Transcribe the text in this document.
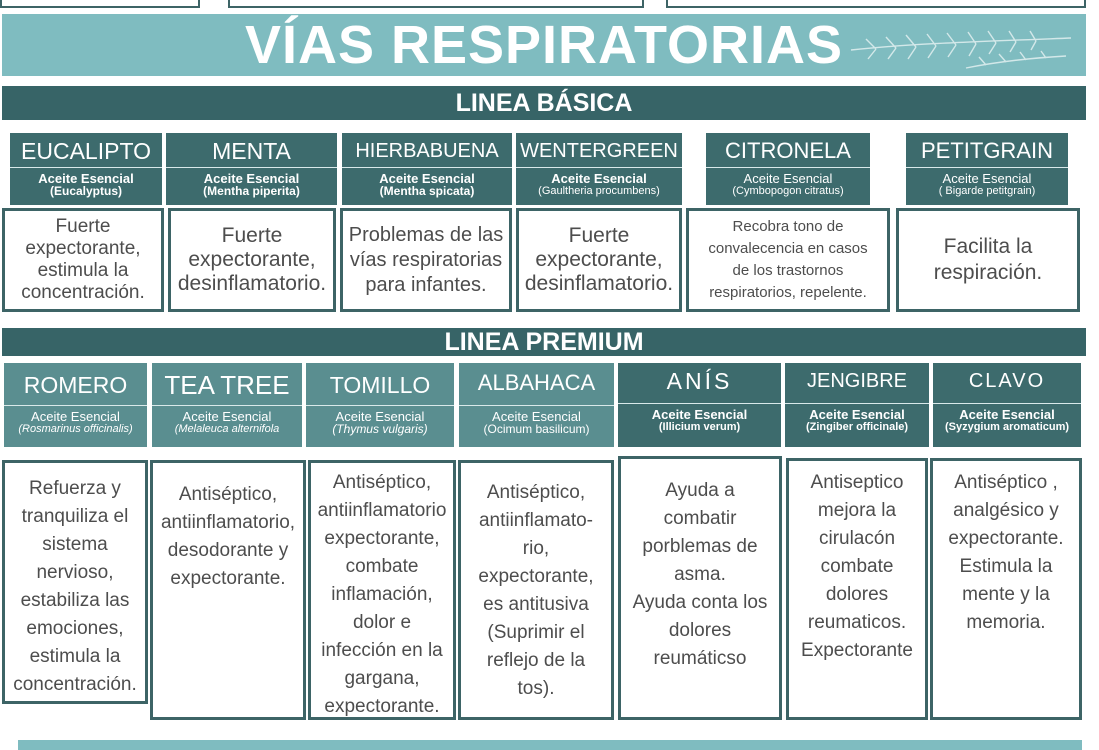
VÍAS RESPIRATORIAS
LINEA BÁSICA
EUCALIPTO
Aceite Esencial
(Eucalyptus)
MENTA
Aceite Esencial
(Mentha piperita)
HIERBABUENA
Aceite Esencial
(Mentha spicata)
WENTERGREEN
Aceite Esencial
(Gaultheria procumbens)
CITRONELA
Aceite Esencial
(Cymbopogon citratus)
PETITGRAIN
Aceite Esencial
( Bigarde petitgrain)
Fuerte
expectorante,
estimula la
concentración.
Fuerte
expectorante,
desinflamatorio.
Problemas de las
vías respiratorias
para infantes.
Fuerte
expectorante,
desinflamatorio.
Recobra tono de
convalecencia en casos
de los trastornos
respiratorios, repelente.
Facilita la
respiración.
LINEA PREMIUM
ROMERO
Aceite Esencial
(Rosmarinus officinalis)
TEA TREE
Aceite Esencial
(Melaleuca alternifola
TOMILLO
Aceite Esencial
(Thymus vulgaris)
ALBAHACA
Aceite Esencial
(Ocimum basilicum)
ANÍS
Aceite Esencial
(Illicium verum)
JENGIBRE
Aceite Esencial
(Zingiber officinale)
CLAVO
Aceite Esencial
(Syzygium aromaticum)
Refuerza y
tranquiliza el
sistema
nervioso,
estabiliza las
emociones,
estimula la
concentración.
Antiséptico,
antiinflamatorio,
desodorante y
expectorante.
Antiséptico,
antiinflamatorio
expectorante,
combate
inflamación,
dolor e
infección en la
gargana,
expectorante.
Antiséptico,
antiinflamato-
rio,
expectorante,
es antitusiva
(Suprimir el
reflejo de la
tos).
Ayuda a
combatir
porblemas de
asma.
Ayuda conta los
dolores
reumáticso
Antiseptico
mejora la
cirulacón
combate
dolores
reumaticos.
Expectorante
Antiséptico ,
analgésico y
expectorante.
Estimula la
mente y la
memoria.
